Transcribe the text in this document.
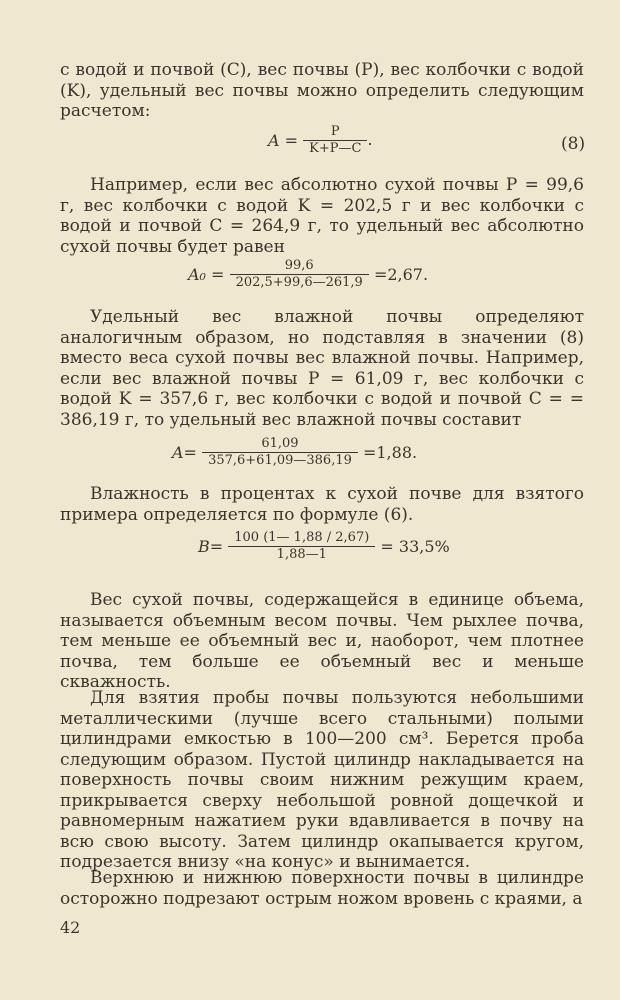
с водой и почвой (C), вес почвы (P), вес колбочки с водой (K), удельный вес почвы можно определить следующим расчетом:

$A = \frac{P}{K+P—C}$ .	(8)

Например, если вес абсолютно сухой почвы P = 99,6 г, вес колбочки с водой K = 202,5 г и вес колбочки с водой и почвой C = 264,9 г, то удельный вес абсолютно сухой почвы будет равен

$A_0 = \frac{99,6}{202,5+99,6—261,9} =2,67$.

Удельный вес влажной почвы определяют аналогичным образом, но подставляя в значении (8) вместо веса сухой почвы вес влажной почвы. Например, если вес влажной почвы P = 61,09 г, вес колбочки с водой K = 357,6 г, вес колбочки с водой и почвой C = = 386,19 г, то удельный вес влажной почвы составит

$A= \frac{61,09}{357,6+61,09—386,19} =1,88$.

Влажность в процентах к сухой почве для взятого примера определяется по формуле (6).

$B= \frac{100 (1— 1,88 / 2,67)}{1,88—1} = 33,5\%$

Вес сухой почвы, содержащейся в единице объема, называется объемным весом почвы. Чем рыхлее почва, тем меньше ее объемный вес и, наоборот, чем плотнее почва, тем больше ее объемный вес и меньше скважность.

Для взятия пробы почвы пользуются небольшими металлическими (лучше всего стальными) полыми цилиндрами емкостью в 100—200 см³. Берется проба следующим образом. Пустой цилиндр накладывается на поверхность почвы своим нижним режущим краем, прикрывается сверху небольшой ровной дощечкой и равномерным нажатием руки вдавливается в почву на всю свою высоту. Затем цилиндр окапывается кругом, подрезается внизу «на конус» и вынимается.

Верхнюю и нижнюю поверхности почвы в цилиндре осторожно подрезают острым ножом вровень с краями, а

42
